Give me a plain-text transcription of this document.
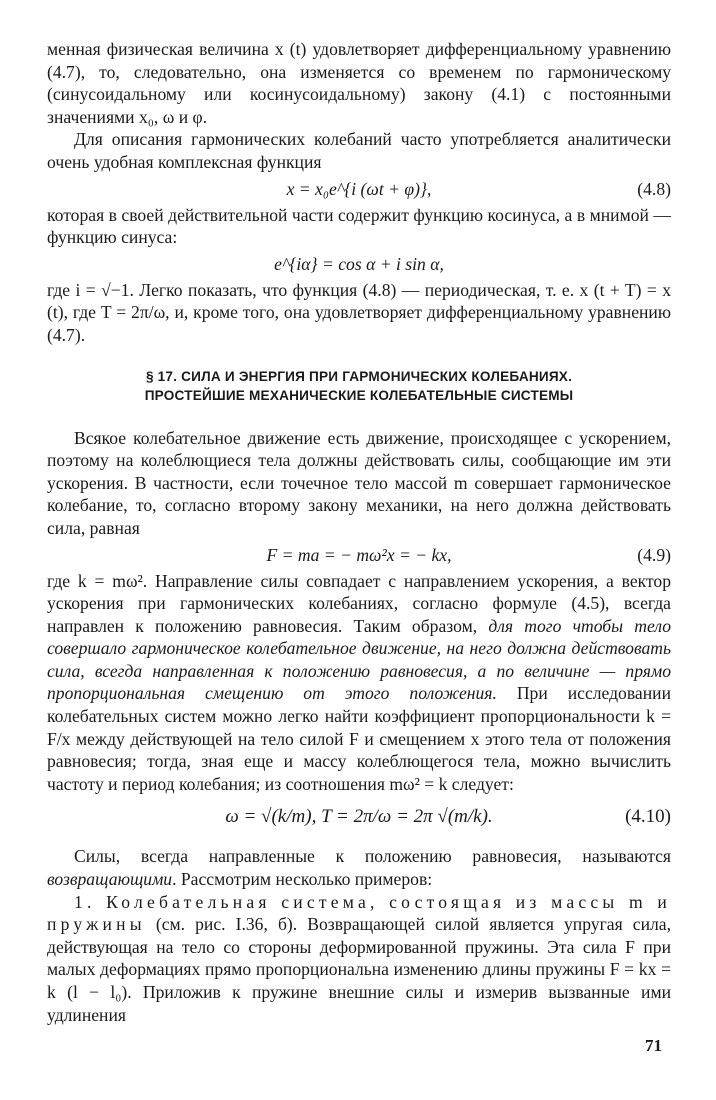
менная физическая величина x (t) удовлетворяет дифференциальному уравнению (4.7), то, следовательно, она изменяется со временем по гармоническому (синусоидальному или косинусоидальному) закону (4.1) с постоянными значениями x₀, ω и φ.

Для описания гармонических колебаний часто употребляется аналитически очень удобная комплексная функция

x = x₀e^{i (ωt + φ)},	(4.8)

которая в своей действительной части содержит функцию косинуса, а в мнимой — функцию синуса:

e^{iα} = cos α + i sin α,

где i = √−1. Легко показать, что функция (4.8) — периодическая, т. е. x (t + T) = x (t), где T = 2π/ω, и, кроме того, она удовлетворяет дифференциальному уравнению (4.7).

§ 17. СИЛА И ЭНЕРГИЯ ПРИ ГАРМОНИЧЕСКИХ КОЛЕБАНИЯХ.
ПРОСТЕЙШИЕ МЕХАНИЧЕСКИЕ КОЛЕБАТЕЛЬНЫЕ СИСТЕМЫ

Всякое колебательное движение есть движение, происходящее с ускорением, поэтому на колеблющиеся тела должны действовать силы, сообщающие им эти ускорения. В частности, если точечное тело массой m совершает гармоническое колебание, то, согласно второму закону механики, на него должна действовать сила, равная

F = ma = − mω²x = − kx,	(4.9)

где k = mω². Направление силы совпадает с направлением ускорения, а вектор ускорения при гармонических колебаниях, согласно формуле (4.5), всегда направлен к положению равновесия. Таким образом, для того чтобы тело совершало гармоническое колебательное движение, на него должна действовать сила, всегда направленная к положению равновесия, а по величине — прямо пропорциональная смещению от этого положения. При исследовании колебательных систем можно легко найти коэффициент пропорциональности k = F/x между действующей на тело силой F и смещением x этого тела от положения равновесия; тогда, зная еще и массу колеблющегося тела, можно вычислить частоту и период колебания; из соотношения mω² = k следует:

ω = √(k/m), T = 2π/ω = 2π √(m/k).	(4.10)

Силы, всегда направленные к положению равновесия, называются возвращающими. Рассмотрим несколько примеров:

1. Колебательная система, состоящая из массы m и пружины (см. рис. I.36, б). Возвращающей силой является упругая сила, действующая на тело со стороны деформированной пружины. Эта сила F при малых деформациях прямо пропорциональна изменению длины пружины F = kx = k (l − l₀). Приложив к пружине внешние силы и измерив вызванные ими удлинения

71
